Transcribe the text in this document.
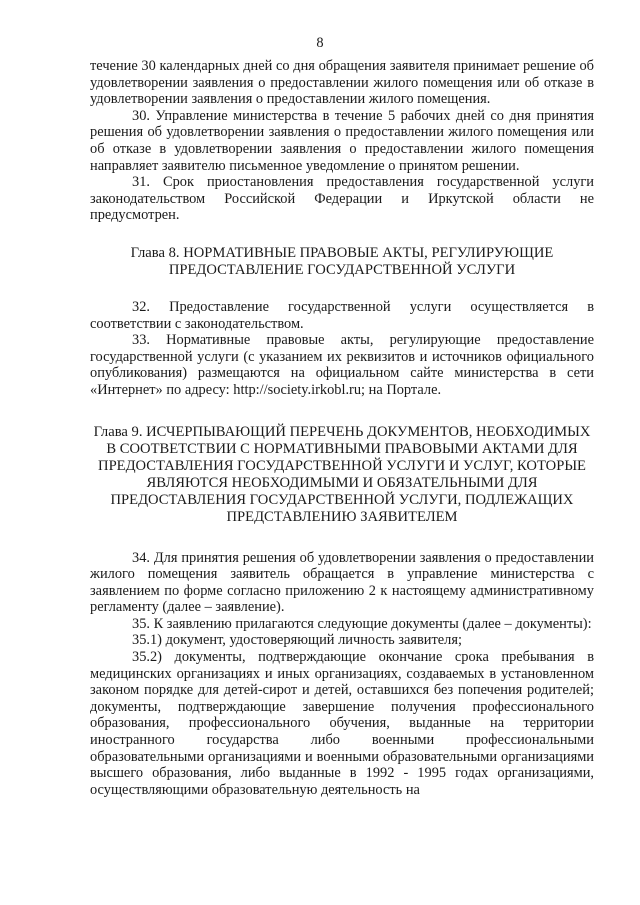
8

течение 30 календарных дней со дня обращения заявителя принимает решение об удовлетворении заявления о предоставлении жилого помещения или об отказе в удовлетворении заявления о предоставлении жилого помещения.

30. Управление министерства в течение 5 рабочих дней со дня принятия решения об удовлетворении заявления о предоставлении жилого помещения или об отказе в удовлетворении заявления о предоставлении жилого помещения направляет заявителю письменное уведомление о принятом решении.

31. Срок приостановления предоставления государственной услуги законодательством Российской Федерации и Иркутской области не предусмотрен.

Глава 8. НОРМАТИВНЫЕ ПРАВОВЫЕ АКТЫ, РЕГУЛИРУЮЩИЕ ПРЕДОСТАВЛЕНИЕ ГОСУДАРСТВЕННОЙ УСЛУГИ

32. Предоставление государственной услуги осуществляется в соответствии с законодательством.

33. Нормативные правовые акты, регулирующие предоставление государственной услуги (с указанием их реквизитов и источников официального опубликования) размещаются на официальном сайте министерства в сети «Интернет» по адресу: http://society.irkobl.ru; на Портале.

Глава 9. ИСЧЕРПЫВАЮЩИЙ ПЕРЕЧЕНЬ ДОКУМЕНТОВ, НЕОБХОДИМЫХ В СООТВЕТСТВИИ С НОРМАТИВНЫМИ ПРАВОВЫМИ АКТАМИ ДЛЯ ПРЕДОСТАВЛЕНИЯ ГОСУДАРСТВЕННОЙ УСЛУГИ И УСЛУГ, КОТОРЫЕ ЯВЛЯЮТСЯ НЕОБХОДИМЫМИ И ОБЯЗАТЕЛЬНЫМИ ДЛЯ ПРЕДОСТАВЛЕНИЯ ГОСУДАРСТВЕННОЙ УСЛУГИ, ПОДЛЕЖАЩИХ ПРЕДСТАВЛЕНИЮ ЗАЯВИТЕЛЕМ

34. Для принятия решения об удовлетворении заявления о предоставлении жилого помещения заявитель обращается в управление министерства с заявлением по форме согласно приложению 2 к настоящему административному регламенту (далее – заявление).

35. К заявлению прилагаются следующие документы (далее – документы):

35.1) документ, удостоверяющий личность заявителя;

35.2) документы, подтверждающие окончание срока пребывания в медицинских организациях и иных организациях, создаваемых в установленном законом порядке для детей-сирот и детей, оставшихся без попечения родителей; документы, подтверждающие завершение получения профессионального образования, профессионального обучения, выданные на территории иностранного государства либо военными профессиональными образовательными организациями и военными образовательными организациями высшего образования, либо выданные в 1992 - 1995 годах организациями, осуществляющими образовательную деятельность на
